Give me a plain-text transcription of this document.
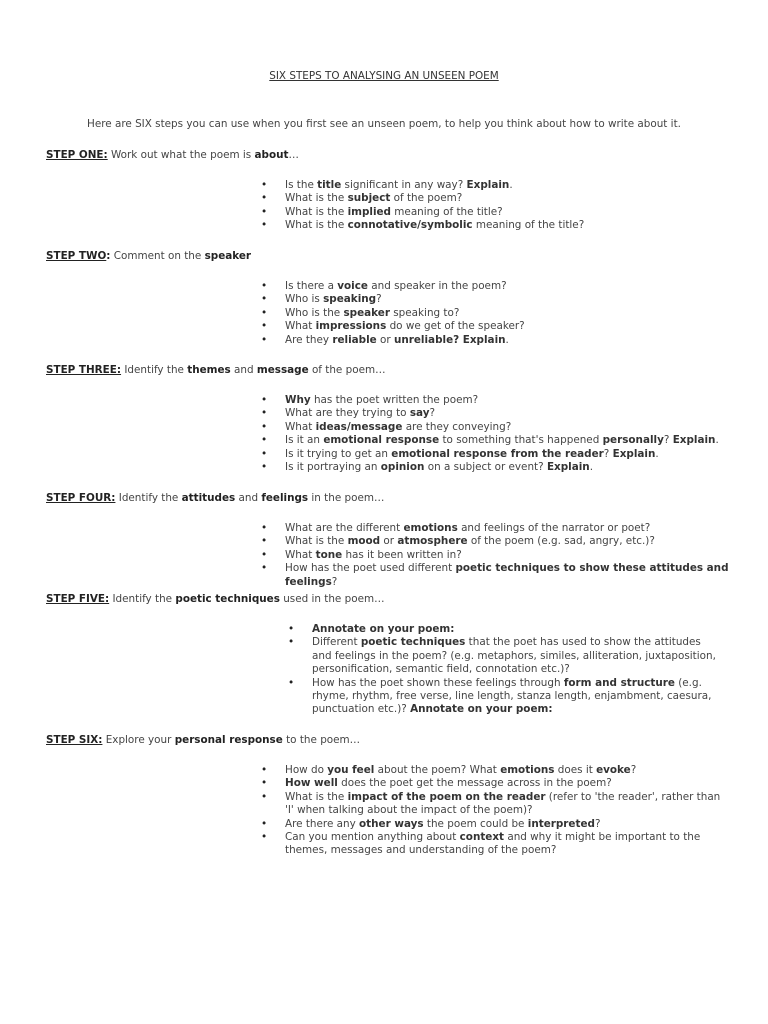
SIX STEPS TO ANALYSING AN UNSEEN POEM
Here are SIX steps you can use when you first see an unseen poem, to help you think about how to write about it.
STEP ONE: Work out what the poem is about…
• Is the title significant in any way? Explain.
• What is the subject of the poem?
• What is the implied meaning of the title?
• What is the connotative/symbolic meaning of the title?
STEP TWO: Comment on the speaker
• Is there a voice and speaker in the poem?
• Who is speaking?
• Who is the speaker speaking to?
• What impressions do we get of the speaker?
• Are they reliable or unreliable? Explain.
STEP THREE: Identify the themes and message of the poem…
• Why has the poet written the poem?
• What are they trying to say?
• What ideas/message are they conveying?
• Is it an emotional response to something that's happened personally? Explain.
• Is it trying to get an emotional response from the reader? Explain.
• Is it portraying an opinion on a subject or event? Explain.
STEP FOUR: Identify the attitudes and feelings in the poem…
• What are the different emotions and feelings of the narrator or poet?
• What is the mood or atmosphere of the poem (e.g. sad, angry, etc.)?
• What tone has it been written in?
• How has the poet used different poetic techniques to show these attitudes and feelings?
STEP FIVE: Identify the poetic techniques used in the poem…
• Annotate on your poem:
• Different poetic techniques that the poet has used to show the attitudes and feelings in the poem? (e.g. metaphors, similes, alliteration, juxtaposition, personification, semantic field, connotation etc.)?
• How has the poet shown these feelings through form and structure (e.g. rhyme, rhythm, free verse, line length, stanza length, enjambment, caesura, punctuation etc.)? Annotate on your poem:
STEP SIX: Explore your personal response to the poem…
• How do you feel about the poem? What emotions does it evoke?
• How well does the poet get the message across in the poem?
• What is the impact of the poem on the reader (refer to 'the reader', rather than 'I' when talking about the impact of the poem)?
• Are there any other ways the poem could be interpreted?
• Can you mention anything about context and why it might be important to the themes, messages and understanding of the poem?
